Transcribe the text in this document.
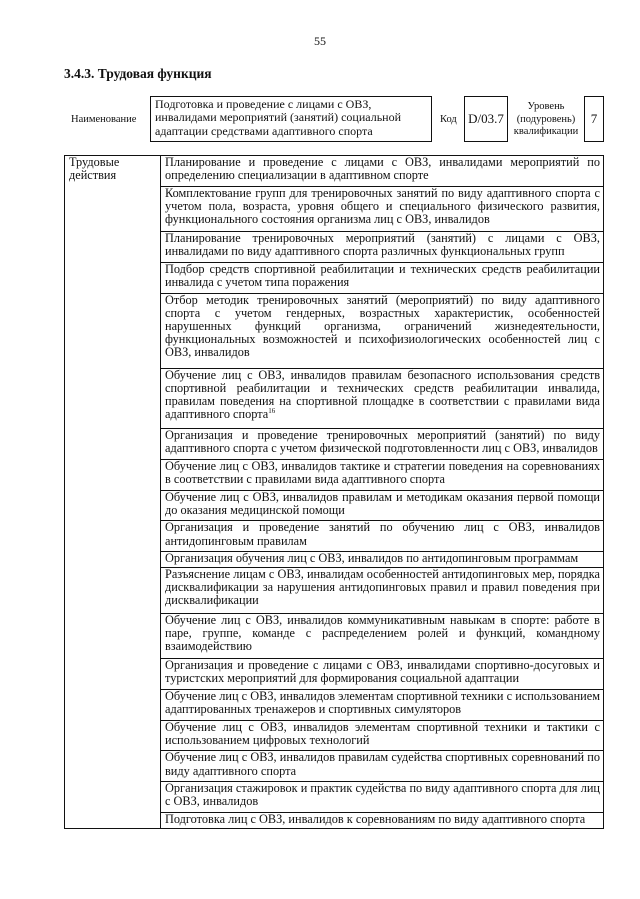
55
3.4.3. Трудовая функция
Наименование
Подготовка и проведение с лицами с ОВЗ, инвалидами мероприятий (занятий) социальной адаптации средствами адаптивного спорта
Код D/03.7
Уровень (подуровень) квалификации
7
Трудовые действия	Планирование и проведение с лицами с ОВЗ, инвалидами мероприятий по определению специализации в адаптивном спорте
Комплектование групп для тренировочных занятий по виду адаптивного спорта с учетом пола, возраста, уровня общего и специального физического развития, функционального состояния организма лиц с ОВЗ, инвалидов
Планирование тренировочных мероприятий (занятий) с лицами с ОВЗ, инвалидами по виду адаптивного спорта различных функциональных групп
Подбор средств спортивной реабилитации и технических средств реабилитации инвалида с учетом типа поражения
Отбор методик тренировочных занятий (мероприятий) по виду адаптивного спорта с учетом гендерных, возрастных характеристик, особенностей нарушенных функций организма, ограничений жизнедеятельности, функциональных возможностей и психофизиологических особенностей лиц с ОВЗ, инвалидов
Обучение лиц с ОВЗ, инвалидов правилам безопасного использования средств спортивной реабилитации и технических средств реабилитации инвалида, правилам поведения на спортивной площадке в соответствии с правилами вида адаптивного спорта$^{16}$
Организация и проведение тренировочных мероприятий (занятий) по виду адаптивного спорта с учетом физической подготовленности лиц с ОВЗ, инвалидов
Обучение лиц с ОВЗ, инвалидов тактике и стратегии поведения на соревнованиях в соответствии с правилами вида адаптивного спорта
Обучение лиц с ОВЗ, инвалидов правилам и методикам оказания первой помощи до оказания медицинской помощи
Организация и проведение занятий по обучению лиц с ОВЗ, инвалидов антидопинговым правилам
Организация обучения лиц с ОВЗ, инвалидов по антидопинговым программам
Разъяснение лицам с ОВЗ, инвалидам особенностей антидопинговых мер, порядка дисквалификации за нарушения антидопинговых правил и правил поведения при дисквалификации
Обучение лиц с ОВЗ, инвалидов коммуникативным навыкам в спорте: работе в паре, группе, команде с распределением ролей и функций, командному взаимодействию
Организация и проведение с лицами с ОВЗ, инвалидами спортивно-досуговых и туристских мероприятий для формирования социальной адаптации
Обучение лиц с ОВЗ, инвалидов элементам спортивной техники с использованием адаптированных тренажеров и спортивных симуляторов
Обучение лиц с ОВЗ, инвалидов элементам спортивной техники и тактики с использованием цифровых технологий
Обучение лиц с ОВЗ, инвалидов правилам судейства спортивных соревнований по виду адаптивного спорта
Организация стажировок и практик судейства по виду адаптивного спорта для лиц с ОВЗ, инвалидов
Подготовка лиц с ОВЗ, инвалидов к соревнованиям по виду адаптивного спорта
